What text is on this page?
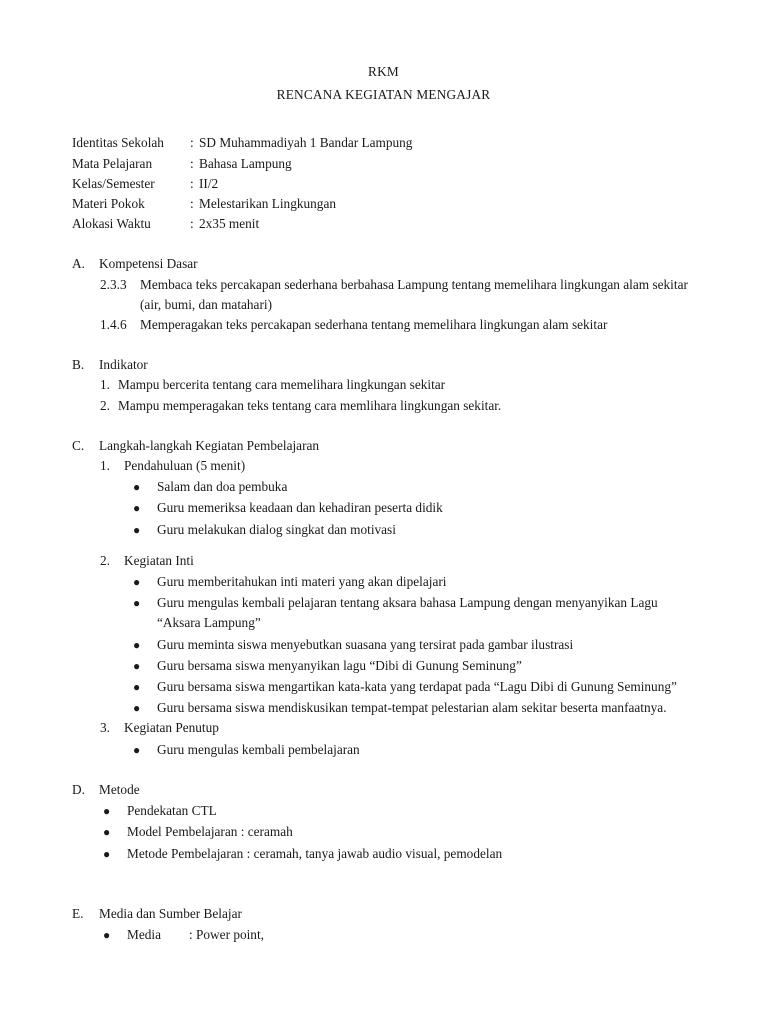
RKM
RENCANA KEGIATAN MENGAJAR
Identitas Sekolah	: SD Muhammadiyah 1 Bandar Lampung
Mata Pelajaran	: Bahasa Lampung
Kelas/Semester	: II/2
Materi Pokok	: Melestarikan Lingkungan
Alokasi Waktu	: 2x35 menit
A.	Kompetensi Dasar
2.3.3	Membaca teks percakapan sederhana berbahasa Lampung tentang memelihara lingkungan alam sekitar (air, bumi, dan matahari)
1.4.6	Memperagakan teks percakapan sederhana tentang memelihara lingkungan alam sekitar
B.	Indikator
1. Mampu bercerita tentang cara memelihara lingkungan sekitar
2. Mampu memperagakan teks tentang cara memlihara lingkungan sekitar.
C.	Langkah-langkah Kegiatan Pembelajaran
1.	Pendahuluan (5 menit)
●	Salam dan doa pembuka
●	Guru memeriksa keadaan dan kehadiran peserta didik
●	Guru melakukan dialog singkat dan motivasi
2.	Kegiatan Inti
●	Guru memberitahukan inti materi yang akan dipelajari
●	Guru mengulas kembali pelajaran tentang aksara bahasa Lampung dengan menyanyikan Lagu “Aksara Lampung”
●	Guru meminta siswa menyebutkan suasana yang tersirat pada gambar ilustrasi
●	Guru bersama siswa menyanyikan lagu “Dibi di Gunung Seminung”
●	Guru bersama siswa mengartikan kata-kata yang terdapat pada “Lagu Dibi di Gunung Seminung”
●	Guru bersama siswa mendiskusikan tempat-tempat pelestarian alam sekitar beserta manfaatnya.
3.	Kegiatan Penutup
●	Guru mengulas kembali pembelajaran
D.	Metode
●	Pendekatan CTL
●	Model Pembelajaran : ceramah
●	Metode Pembelajaran : ceramah, tanya jawab audio visual, pemodelan
E.	Media dan Sumber Belajar
●	Media : Power point,
